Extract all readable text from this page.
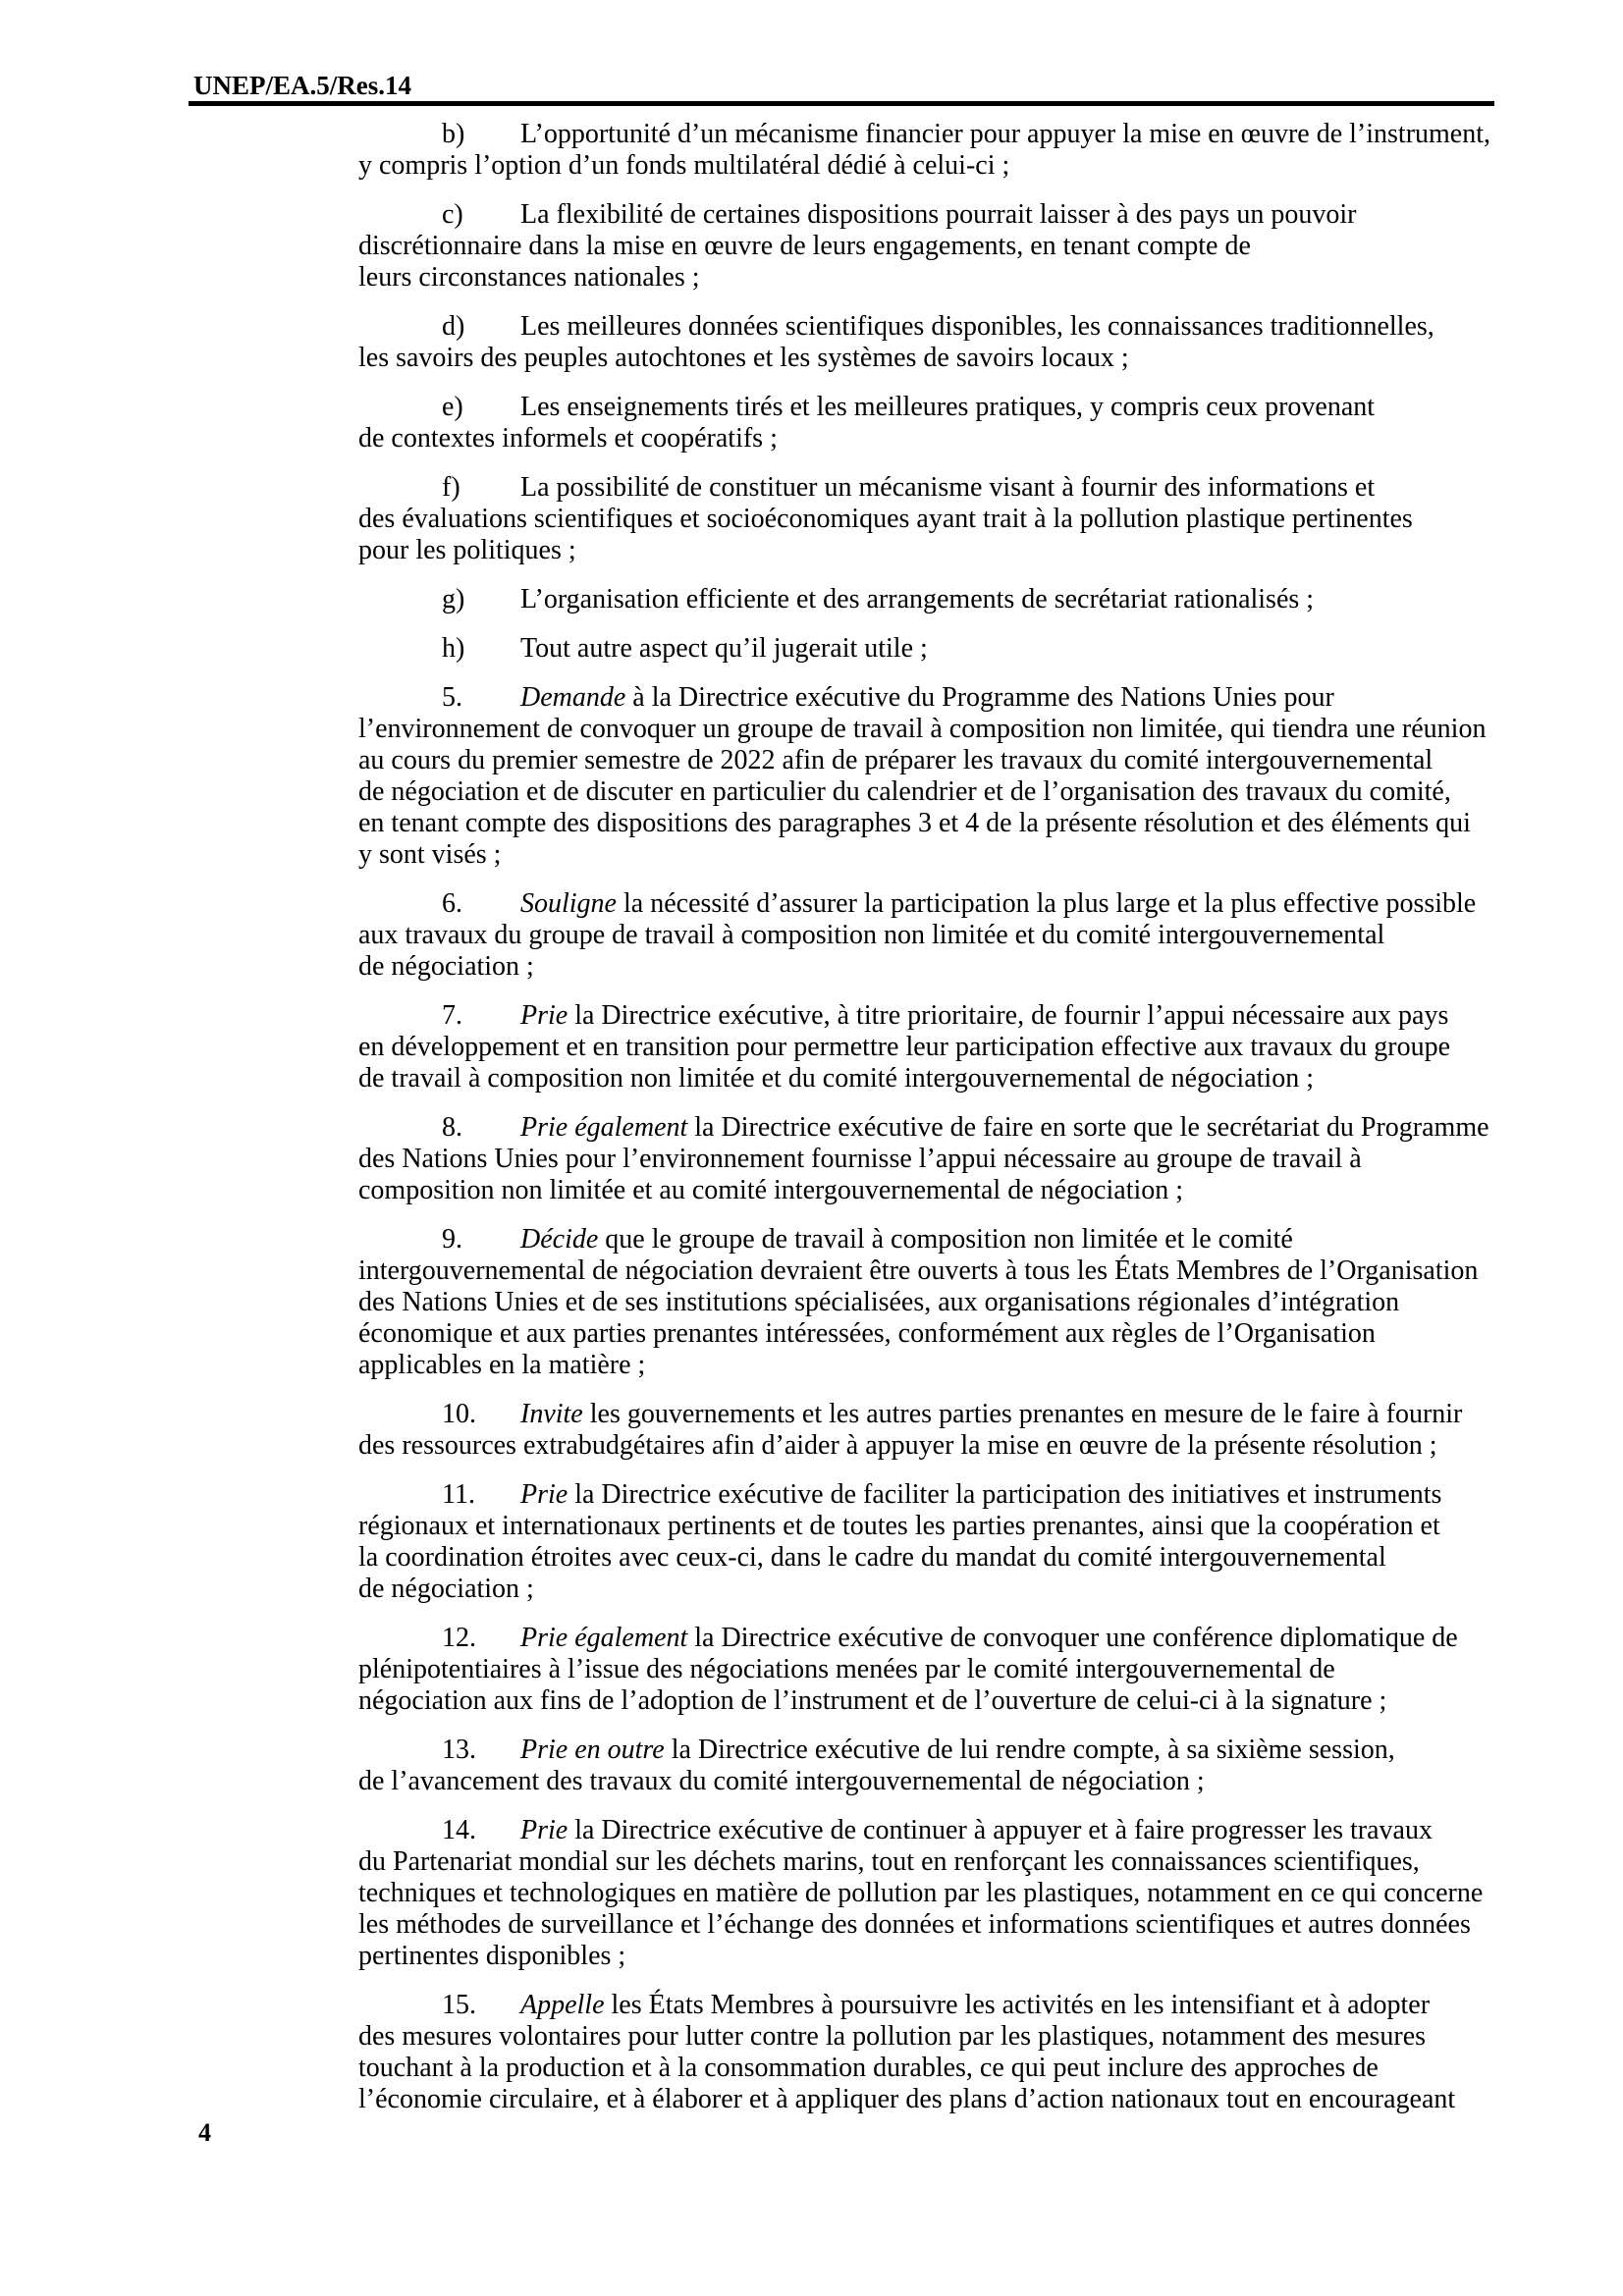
UNEP/EA.5/Res.14
b) L’opportunité d’un mécanisme financier pour appuyer la mise en œuvre de l’instrument,
y compris l’option d’un fonds multilatéral dédié à celui-ci ;
c) La flexibilité de certaines dispositions pourrait laisser à des pays un pouvoir
discrétionnaire dans la mise en œuvre de leurs engagements, en tenant compte de
leurs circonstances nationales ;
d) Les meilleures données scientifiques disponibles, les connaissances traditionnelles,
les savoirs des peuples autochtones et les systèmes de savoirs locaux ;
e) Les enseignements tirés et les meilleures pratiques, y compris ceux provenant
de contextes informels et coopératifs ;
f) La possibilité de constituer un mécanisme visant à fournir des informations et
des évaluations scientifiques et socioéconomiques ayant trait à la pollution plastique pertinentes
pour les politiques ;
g) L’organisation efficiente et des arrangements de secrétariat rationalisés ;
h) Tout autre aspect qu’il jugerait utile ;
5. Demande à la Directrice exécutive du Programme des Nations Unies pour
l’environnement de convoquer un groupe de travail à composition non limitée, qui tiendra une réunion
au cours du premier semestre de 2022 afin de préparer les travaux du comité intergouvernemental
de négociation et de discuter en particulier du calendrier et de l’organisation des travaux du comité,
en tenant compte des dispositions des paragraphes 3 et 4 de la présente résolution et des éléments qui
y sont visés ;
6. Souligne la nécessité d’assurer la participation la plus large et la plus effective possible
aux travaux du groupe de travail à composition non limitée et du comité intergouvernemental
de négociation ;
7. Prie la Directrice exécutive, à titre prioritaire, de fournir l’appui nécessaire aux pays
en développement et en transition pour permettre leur participation effective aux travaux du groupe
de travail à composition non limitée et du comité intergouvernemental de négociation ;
8. Prie également la Directrice exécutive de faire en sorte que le secrétariat du Programme
des Nations Unies pour l’environnement fournisse l’appui nécessaire au groupe de travail à
composition non limitée et au comité intergouvernemental de négociation ;
9. Décide que le groupe de travail à composition non limitée et le comité
intergouvernemental de négociation devraient être ouverts à tous les États Membres de l’Organisation
des Nations Unies et de ses institutions spécialisées, aux organisations régionales d’intégration
économique et aux parties prenantes intéressées, conformément aux règles de l’Organisation
applicables en la matière ;
10. Invite les gouvernements et les autres parties prenantes en mesure de le faire à fournir
des ressources extrabudgétaires afin d’aider à appuyer la mise en œuvre de la présente résolution ;
11. Prie la Directrice exécutive de faciliter la participation des initiatives et instruments
régionaux et internationaux pertinents et de toutes les parties prenantes, ainsi que la coopération et
la coordination étroites avec ceux-ci, dans le cadre du mandat du comité intergouvernemental
de négociation ;
12. Prie également la Directrice exécutive de convoquer une conférence diplomatique de
plénipotentiaires à l’issue des négociations menées par le comité intergouvernemental de
négociation aux fins de l’adoption de l’instrument et de l’ouverture de celui-ci à la signature ;
13. Prie en outre la Directrice exécutive de lui rendre compte, à sa sixième session,
de l’avancement des travaux du comité intergouvernemental de négociation ;
14. Prie la Directrice exécutive de continuer à appuyer et à faire progresser les travaux
du Partenariat mondial sur les déchets marins, tout en renforçant les connaissances scientifiques,
techniques et technologiques en matière de pollution par les plastiques, notamment en ce qui concerne
les méthodes de surveillance et l’échange des données et informations scientifiques et autres données
pertinentes disponibles ;
15. Appelle les États Membres à poursuivre les activités en les intensifiant et à adopter
des mesures volontaires pour lutter contre la pollution par les plastiques, notamment des mesures
touchant à la production et à la consommation durables, ce qui peut inclure des approches de
l’économie circulaire, et à élaborer et à appliquer des plans d’action nationaux tout en encourageant
4
